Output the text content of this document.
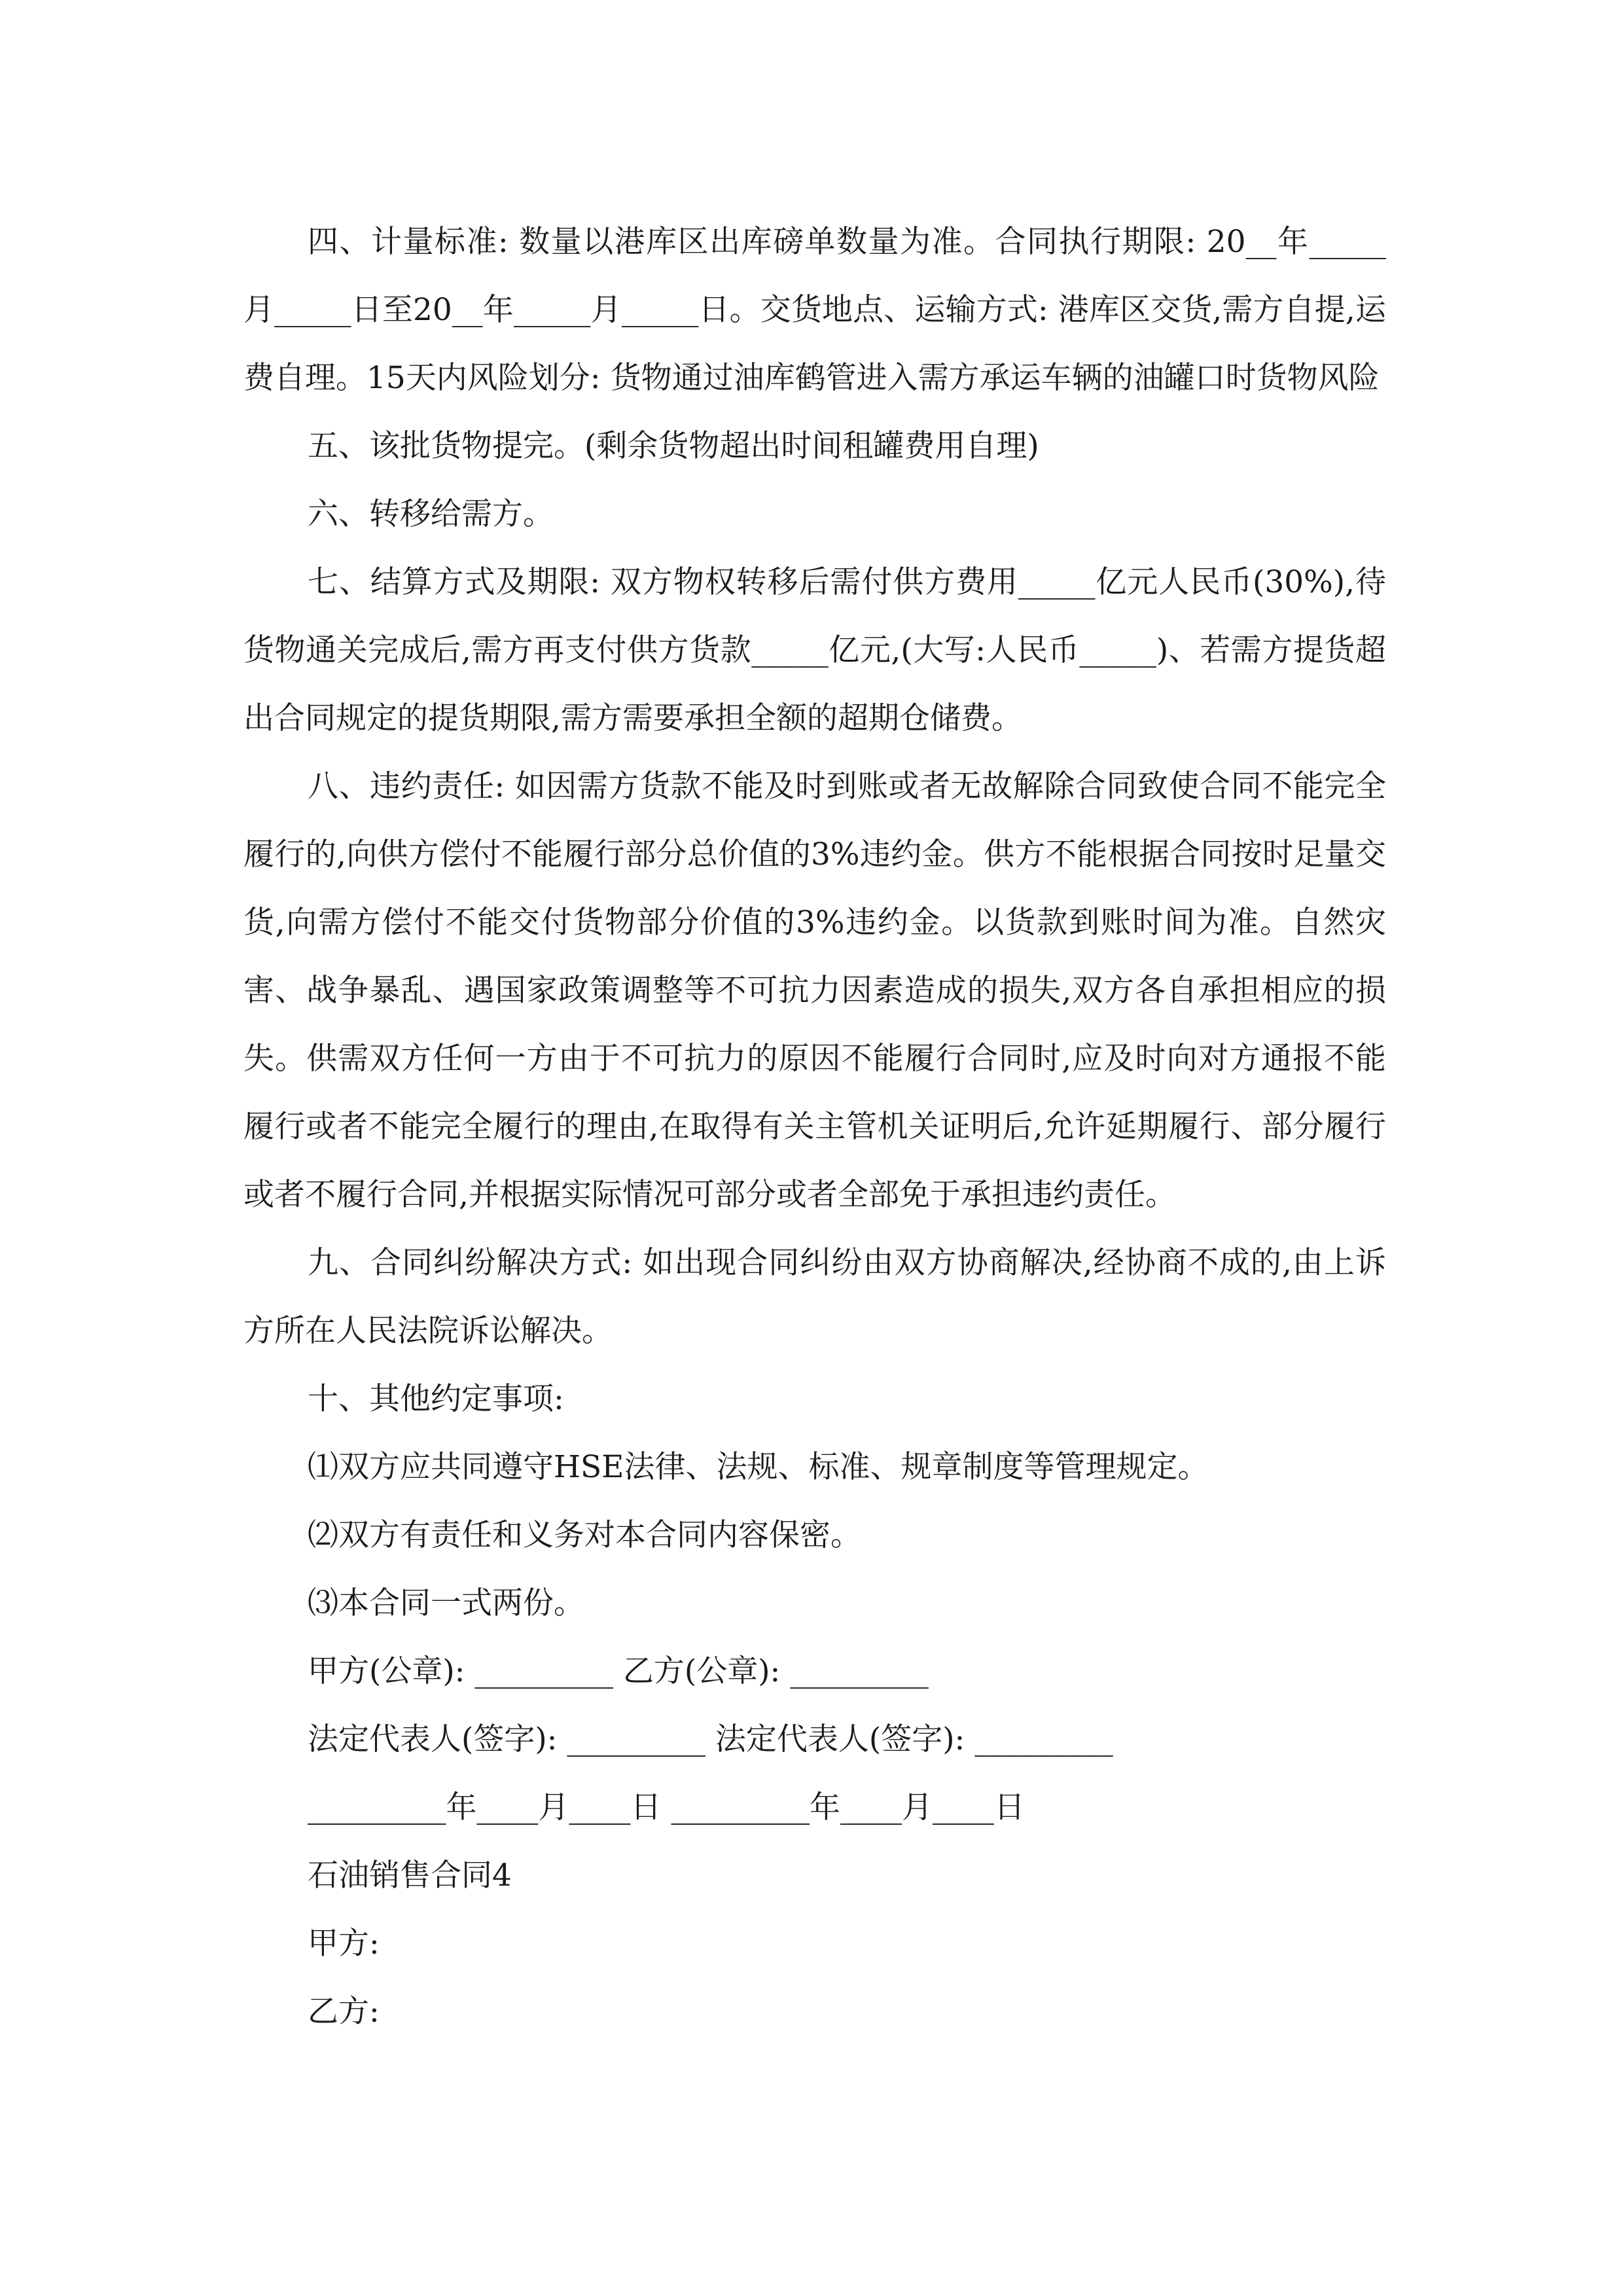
四、计量标准: 数量以港库区出库磅单数量为准。合同执行期限: 20__年_____月_____日至20__年_____月_____日。交货地点、运输方式: 港库区交货,需方自提,运费自理。15天内风险划分: 货物通过油库鹤管进入需方承运车辆的油罐口时货物风险

五、该批货物提完。(剩余货物超出时间租罐费用自理)

六、转移给需方。

七、结算方式及期限: 双方物权转移后需付供方费用_____亿元人民币(30%),待货物通关完成后,需方再支付供方货款_____亿元,(大写:人民币_____)、若需方提货超出合同规定的提货期限,需方需要承担全额的超期仓储费。

八、违约责任: 如因需方货款不能及时到账或者无故解除合同致使合同不能完全履行的,向供方偿付不能履行部分总价值的3%违约金。供方不能根据合同按时足量交货,向需方偿付不能交付货物部分价值的3%违约金。以货款到账时间为准。自然灾害、战争暴乱、遇国家政策调整等不可抗力因素造成的损失,双方各自承担相应的损失。供需双方任何一方由于不可抗力的原因不能履行合同时,应及时向对方通报不能履行或者不能完全履行的理由,在取得有关主管机关证明后,允许延期履行、部分履行或者不履行合同,并根据实际情况可部分或者全部免于承担违约责任。

九、合同纠纷解决方式: 如出现合同纠纷由双方协商解决,经协商不成的,由上诉方所在人民法院诉讼解决。

十、其他约定事项:

⑴双方应共同遵守HSE法律、法规、标准、规章制度等管理规定。

⑵双方有责任和义务对本合同内容保密。

⑶本合同一式两份。

甲方(公章): _________ 乙方(公章): _________

法定代表人(签字): _________ 法定代表人(签字): _________

_________年____月____日 _________年____月____日

石油销售合同4

甲方:

乙方:
